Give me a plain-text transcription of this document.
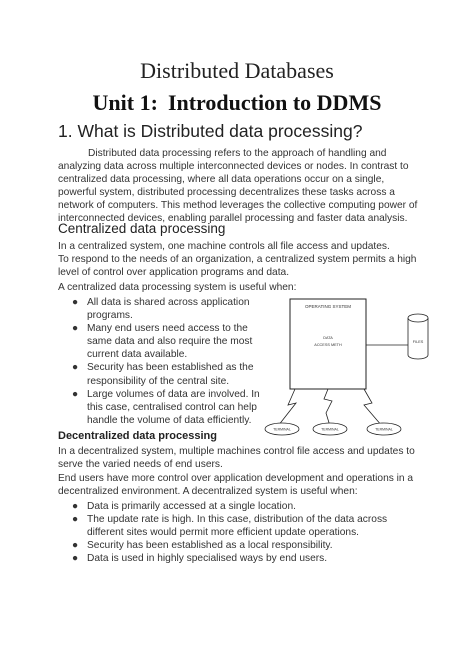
Distributed Databases
Unit 1: Introduction to DDMS
1. What is Distributed data processing?
Distributed data processing refers to the approach of handling and analyzing data across multiple interconnected devices or nodes. In contrast to centralized data processing, where all data operations occur on a single, powerful system, distributed processing decentralizes these tasks across a network of computers. This method leverages the collective computing power of interconnected devices, enabling parallel processing and faster data analysis.
Centralized data processing
In a centralized system, one machine controls all file access and updates.
To respond to the needs of an organization, a centralized system permits a high level of control over application programs and data.
A centralized data processing system is useful when:
● All data is shared across application programs.
● Many end users need access to the same data and also require the most current data available.
● Security has been established as the responsibility of the central site.
● Large volumes of data are involved. In this case, centralised control can help handle the volume of data efficiently.
OPERATING SYSTEM
DATA
ACCESS METH
FILES
TERMINAL	TERMINAL	TERMINAL
Decentralized data processing
In a decentralized system, multiple machines control file access and updates to serve the varied needs of end users.
End users have more control over application development and operations in a decentralized environment. A decentralized system is useful when:
● Data is primarily accessed at a single location.
● The update rate is high. In this case, distribution of the data across different sites would permit more efficient update operations.
● Security has been established as a local responsibility.
● Data is used in highly specialised ways by end users.
